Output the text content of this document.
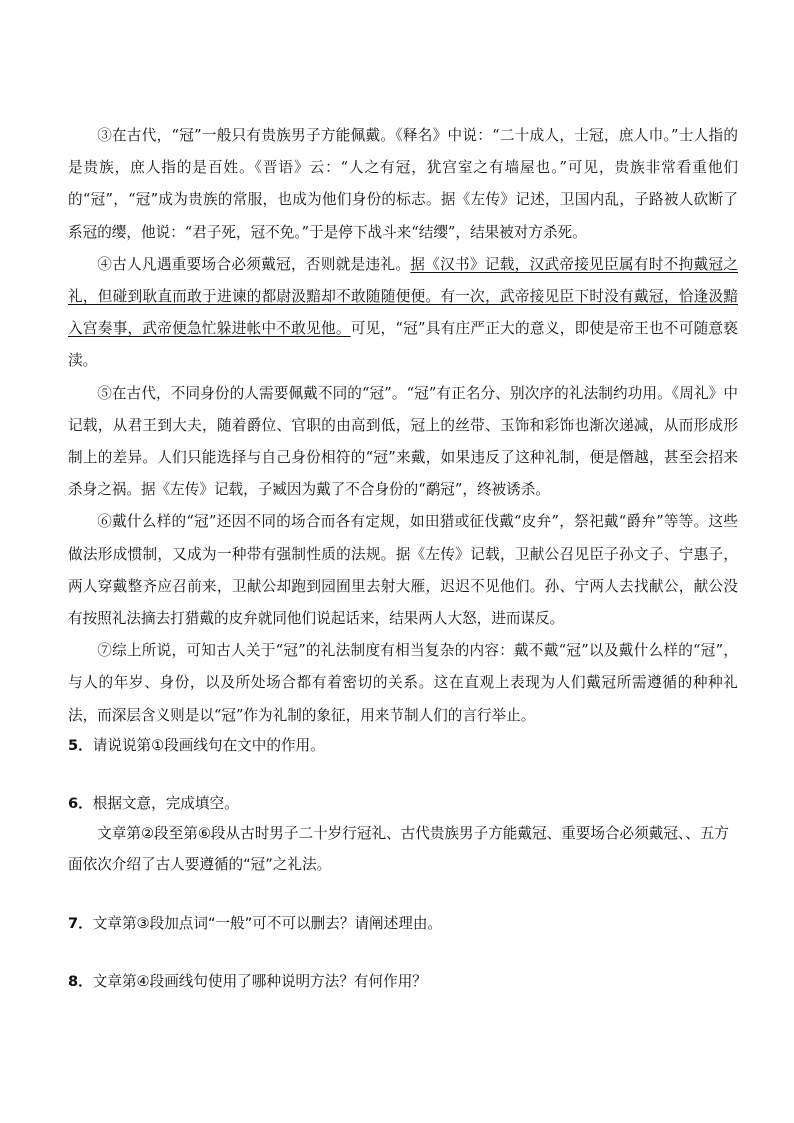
③在古代，“冠”一般只有贵族男子方能佩戴。《释名》中说：“二十成人，士冠，庶人巾。”士人指的是贵族，庶人指的是百姓。《晋语》云：“人之有冠，犹宫室之有墙屋也。”可见，贵族非常看重他们的“冠”，“冠”成为贵族的常服，也成为他们身份的标志。据《左传》记述，卫国内乱，子路被人砍断了系冠的缨，他说：“君子死，冠不免。”于是停下战斗来“结缨”，结果被对方杀死。

④古人凡遇重要场合必须戴冠，否则就是违礼。据《汉书》记载，汉武帝接见臣属有时不拘戴冠之礼，但碰到耿直而敢于进谏的都尉汲黯却不敢随随便便。有一次，武帝接见臣下时没有戴冠，恰逢汲黯入宫奏事，武帝便急忙躲进帐中不敢见他。可见，“冠”具有庄严正大的意义，即使是帝王也不可随意亵渎。

⑤在古代，不同身份的人需要佩戴不同的“冠”。“冠”有正名分、别次序的礼法制约功用。《周礼》中记载，从君王到大夫，随着爵位、官职的由高到低，冠上的丝带、玉饰和彩饰也渐次递减，从而形成形制上的差异。人们只能选择与自己身份相符的“冠”来戴，如果违反了这种礼制，便是僭越，甚至会招来杀身之祸。据《左传》记载，子臧因为戴了不合身份的“鹬冠”，终被诱杀。

⑥戴什么样的“冠”还因不同的场合而各有定规，如田猎或征伐戴“皮弁”，祭祀戴“爵弁”等等。这些做法形成惯制，又成为一种带有强制性质的法规。据《左传》记载，卫献公召见臣子孙文子、宁惠子，两人穿戴整齐应召前来，卫献公却跑到园囿里去射大雁，迟迟不见他们。孙、宁两人去找献公，献公没有按照礼法摘去打猎戴的皮弁就同他们说起话来，结果两人大怒，进而谋反。

⑦综上所说，可知古人关于“冠”的礼法制度有相当复杂的内容：戴不戴“冠”以及戴什么样的“冠”，与人的年岁、身份，以及所处场合都有着密切的关系。这在直观上表现为人们戴冠所需遵循的种种礼法，而深层含义则是以“冠”作为礼制的象征，用来节制人们的言行举止。

5．请说说第①段画线句在文中的作用。

6．根据文意，完成填空。

文章第②段至第⑥段从古时男子二十岁行冠礼、古代贵族男子方能戴冠、重要场合必须戴冠、、五方面依次介绍了古人要遵循的“冠”之礼法。

7．文章第③段加点词“一般”可不可以删去？请阐述理由。

8．文章第④段画线句使用了哪种说明方法？有何作用？
